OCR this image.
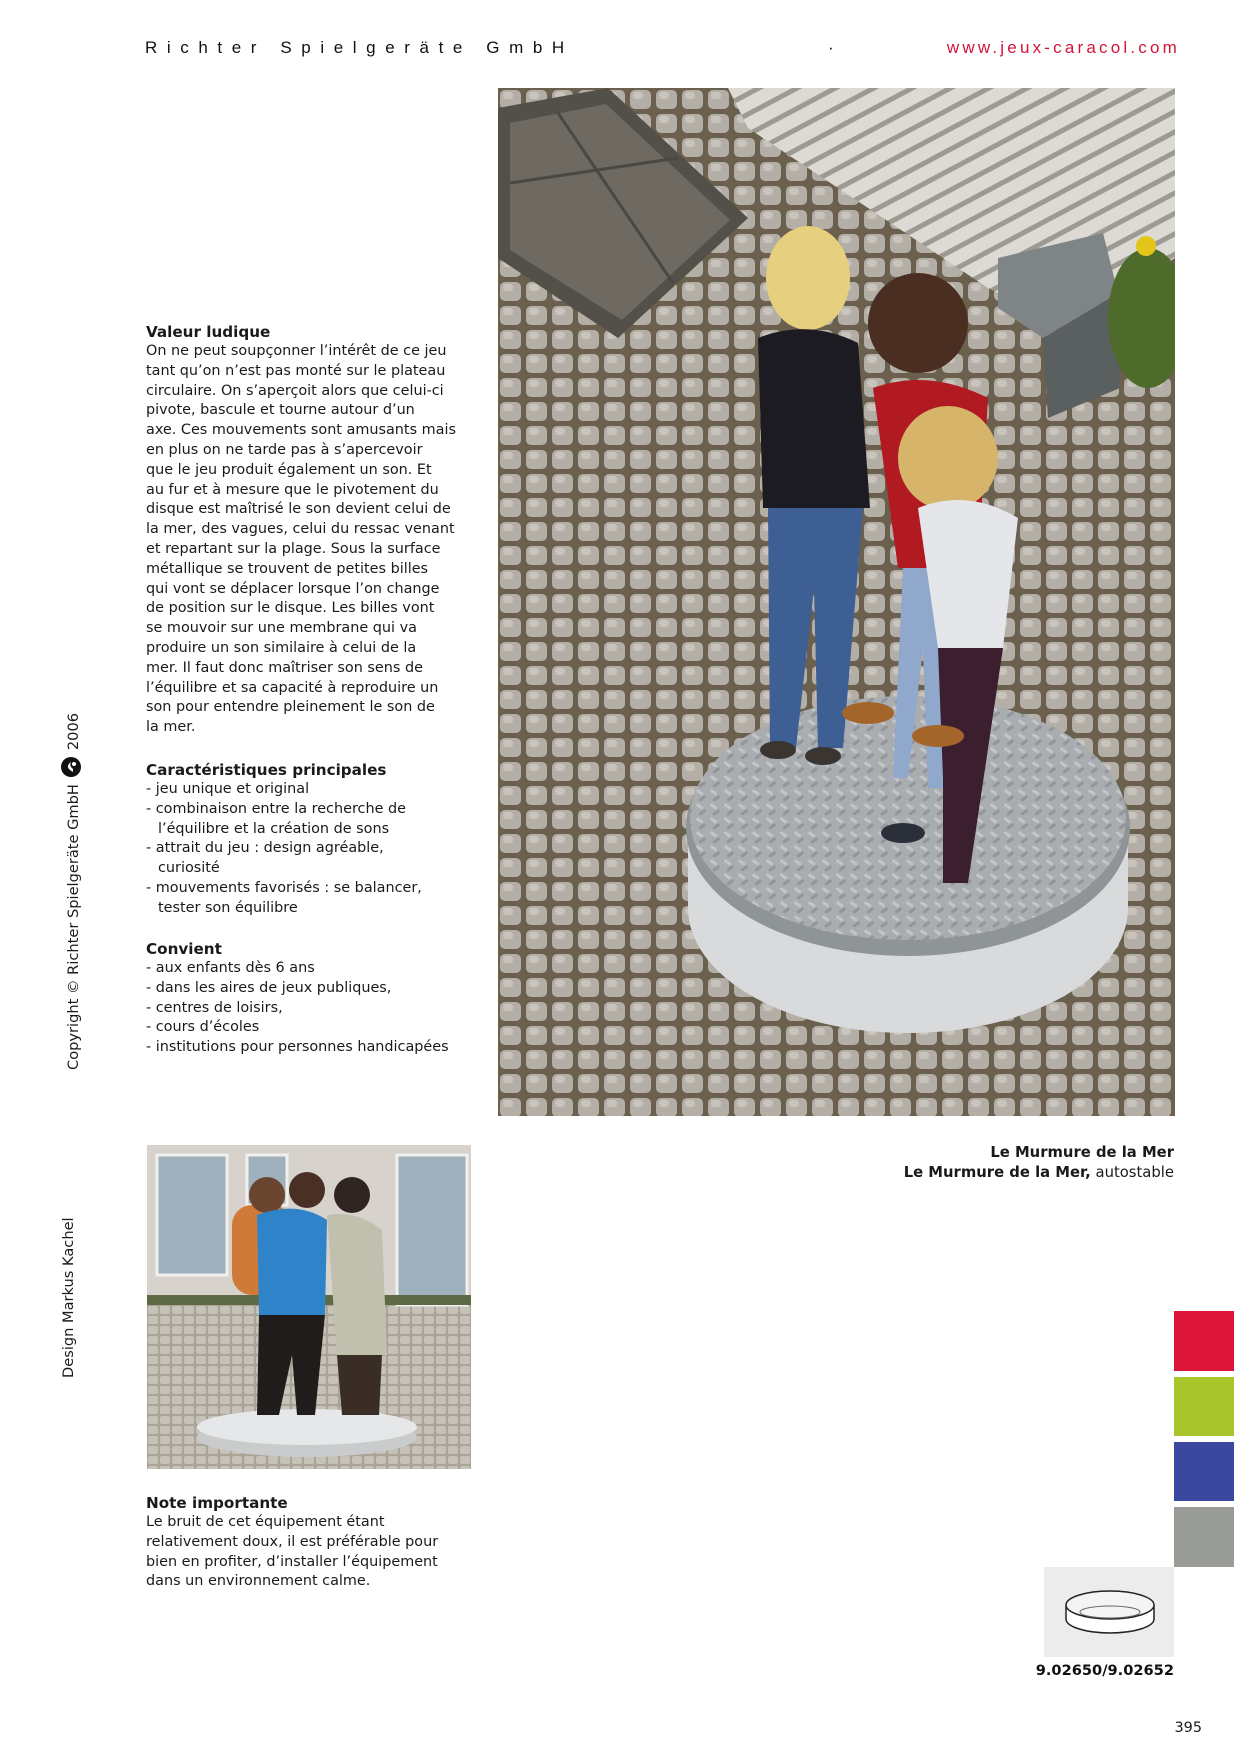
Richter Spielgeräte GmbH	·	www.jeux-caracol.com
Valeur ludique

On ne peut soupçonner l’intérêt de ce jeu
tant qu’on n’est pas monté sur le plateau
circulaire. On s’aperçoit alors que celui-ci
pivote, bascule et tourne autour d’un
axe. Ces mouvements sont amusants mais
en plus on ne tarde pas à s’apercevoir
que le jeu produit également un son. Et
au fur et à mesure que le pivotement du
disque est maîtrisé le son devient celui de
la mer, des vagues, celui du ressac venant
et repartant sur la plage. Sous la surface
métallique se trouvent de petites billes
qui vont se déplacer lorsque l’on change
de position sur le disque. Les billes vont
se mouvoir sur une membrane qui va
produire un son similaire à celui de la
mer. Il faut donc maîtriser son sens de
l’équilibre et sa capacité à reproduire un
son pour entendre pleinement le son de
la mer.

Caractéristiques principales
- jeu unique et original
- combinaison entre la recherche de
l’équilibre et la création de sons
- attrait du jeu : design agréable,
curiosité
- mouvements favorisés : se balancer,
tester son équilibre
Convient
- aux enfants dès 6 ans
- dans les aires de jeux publiques,
- centres de loisirs,
- cours d’écoles
- institutions pour personnes handicapées
Note importante

Le bruit de cet équipement étant
relativement doux, il est préférable pour
bien en profiter, d’installer l’équipement
dans un environnement calme.

Copyright © Richter Spielgeräte GmbH
2006
Design Markus Kachel
Le Murmure de la Mer
Le Murmure de la Mer, autostable
9.02650/9.02652
395
